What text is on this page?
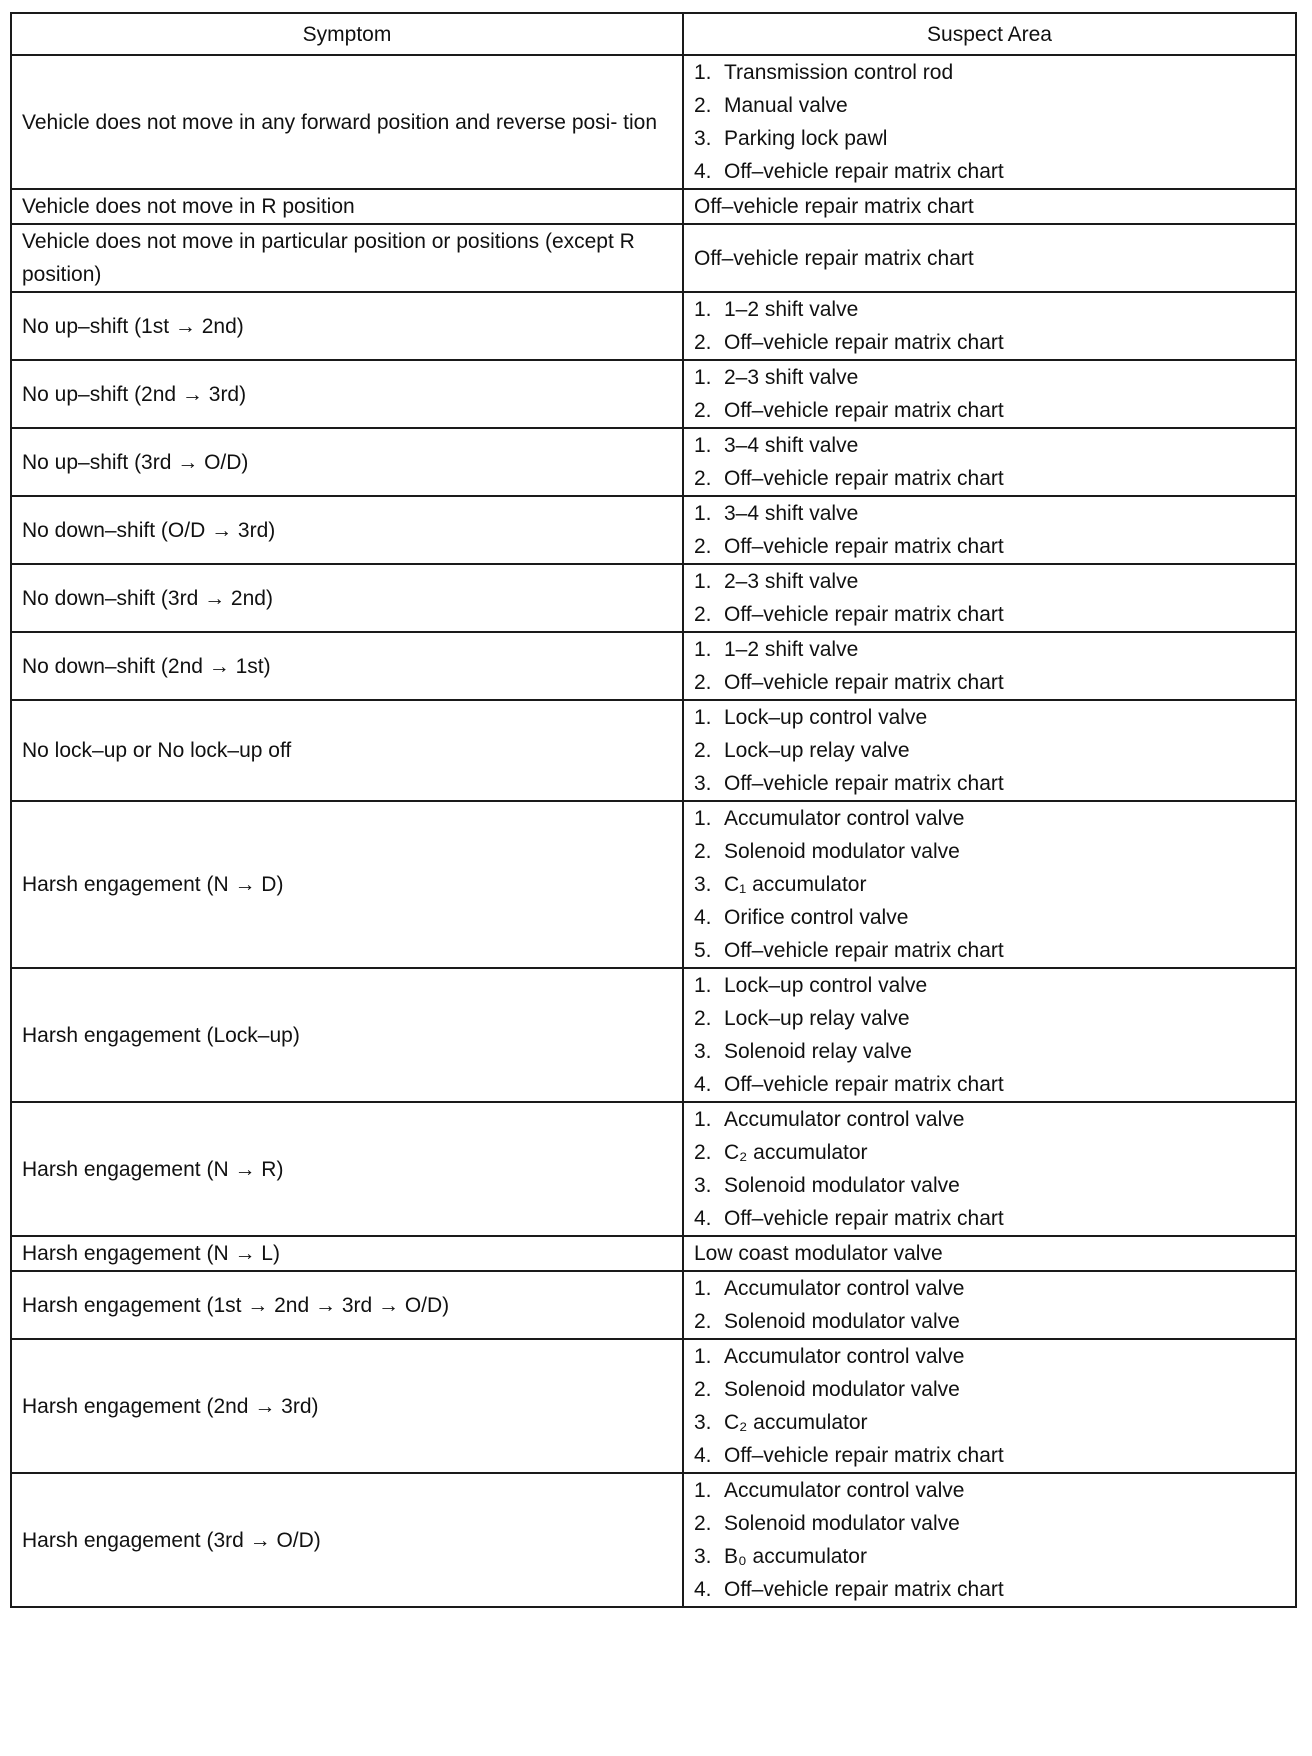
Symptom	Suspect Area
Vehicle does not move in any forward position and reverse posi- tion	1. Transmission control rod
2. Manual valve
3. Parking lock pawl
4. Off–vehicle repair matrix chart

Vehicle does not move in R position	Off–vehicle repair matrix chart
Vehicle does not move in particular position or positions (except R position)	Off–vehicle repair matrix chart
No up–shift (1st → 2nd)	1. 1–2 shift valve
2. Off–vehicle repair matrix chart

No up–shift (2nd → 3rd)	1. 2–3 shift valve
2. Off–vehicle repair matrix chart

No up–shift (3rd → O/D)	1. 3–4 shift valve
2. Off–vehicle repair matrix chart

No down–shift (O/D → 3rd)	1. 3–4 shift valve
2. Off–vehicle repair matrix chart

No down–shift (3rd → 2nd)	1. 2–3 shift valve
2. Off–vehicle repair matrix chart

No down–shift (2nd → 1st)	1. 1–2 shift valve
2. Off–vehicle repair matrix chart

No lock–up or No lock–up off	1. Lock–up control valve
2. Lock–up relay valve
3. Off–vehicle repair matrix chart

Harsh engagement (N → D)	1. Accumulator control valve
2. Solenoid modulator valve
3. C₁ accumulator
4. Orifice control valve
5. Off–vehicle repair matrix chart

Harsh engagement (Lock–up)	1. Lock–up control valve
2. Lock–up relay valve
3. Solenoid relay valve
4. Off–vehicle repair matrix chart

Harsh engagement (N → R)	1. Accumulator control valve
2. C₂ accumulator
3. Solenoid modulator valve
4. Off–vehicle repair matrix chart

Harsh engagement (N → L)	Low coast modulator valve
Harsh engagement (1st → 2nd → 3rd → O/D)	1. Accumulator control valve
2. Solenoid modulator valve

Harsh engagement (2nd → 3rd)	1. Accumulator control valve
2. Solenoid modulator valve
3. C₂ accumulator
4. Off–vehicle repair matrix chart

Harsh engagement (3rd → O/D)	1. Accumulator control valve
2. Solenoid modulator valve
3. B₀ accumulator
4. Off–vehicle repair matrix chart
